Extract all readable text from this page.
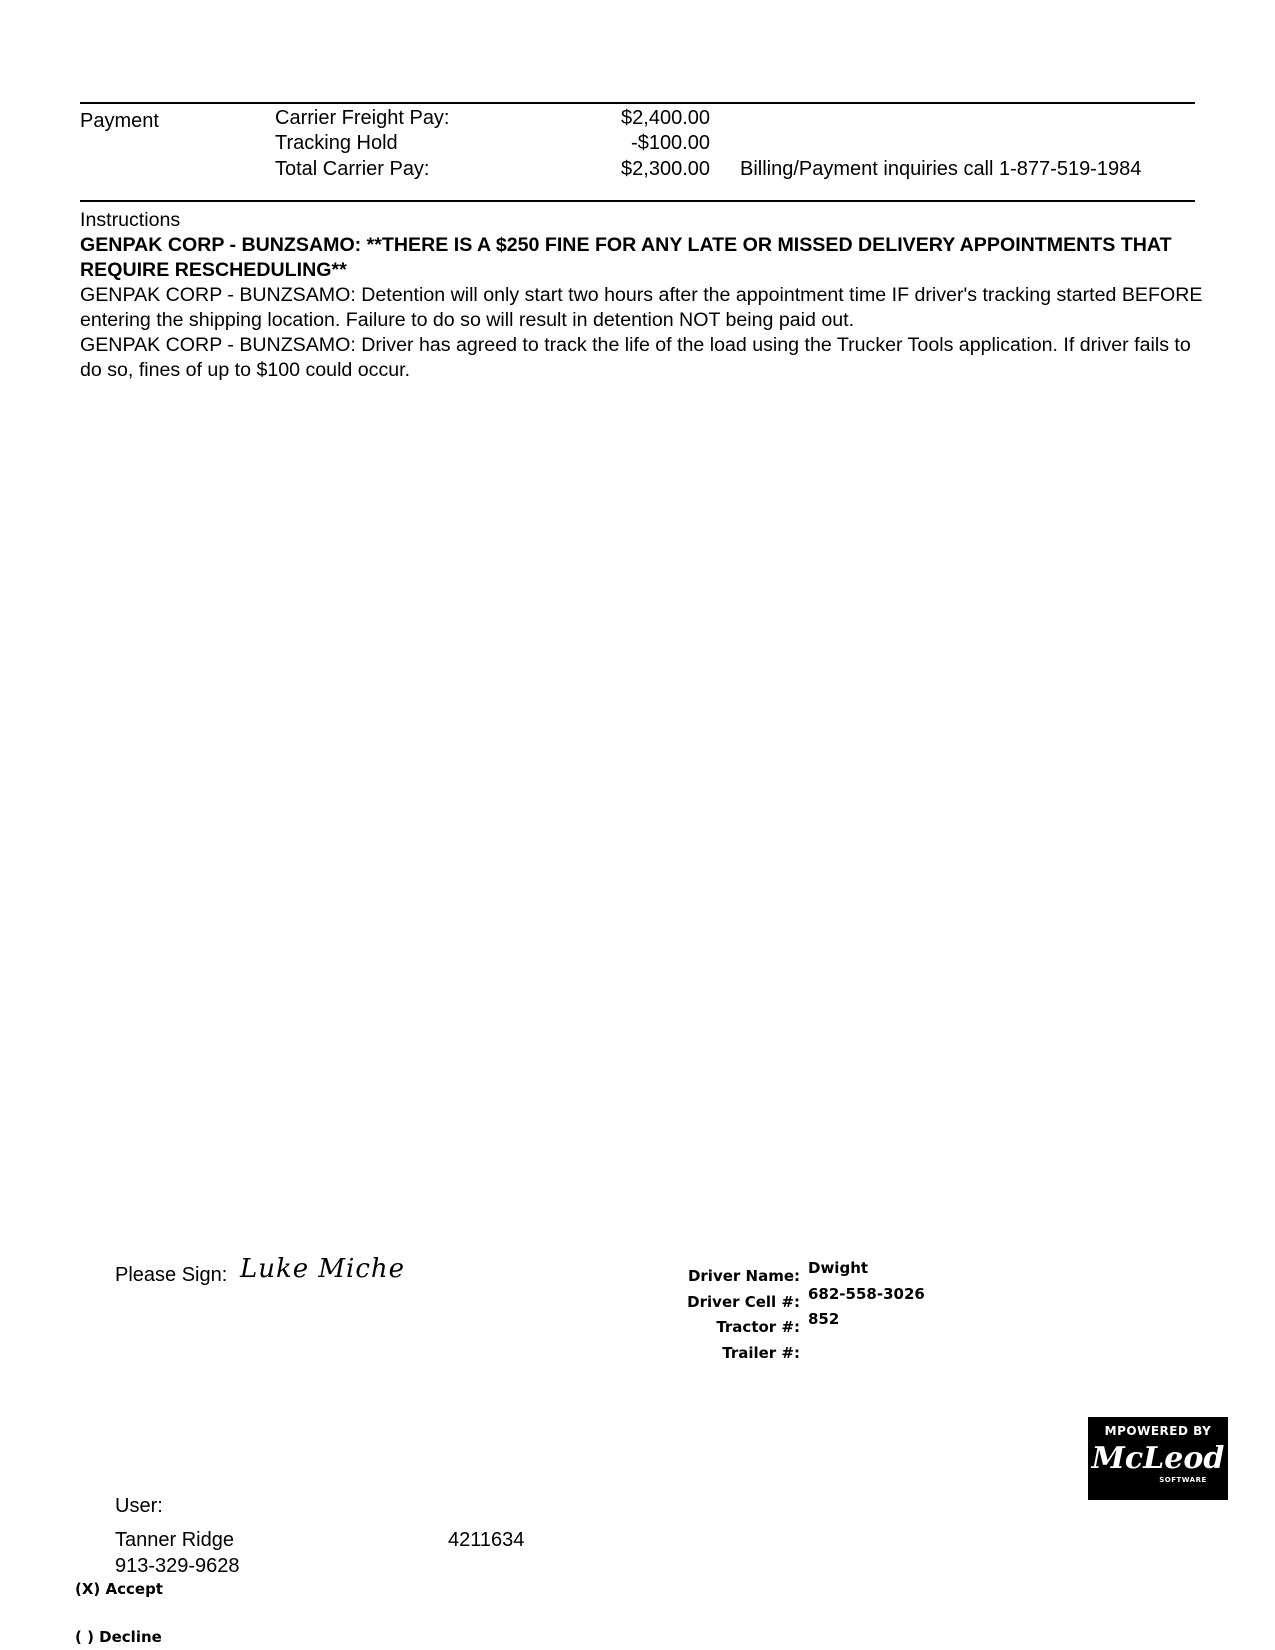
Payment	Carrier Freight Pay:	$2,400.00
Tracking Hold	-$100.00
Total Carrier Pay:	$2,300.00 Billing/Payment inquiries call 1-877-519-1984

Instructions

GENPAK CORP - BUNZSAMO: **THERE IS A $250 FINE FOR ANY LATE OR MISSED DELIVERY APPOINTMENTS THAT REQUIRE RESCHEDULING**

GENPAK CORP - BUNZSAMO: Detention will only start two hours after the appointment time IF driver's tracking started BEFORE entering the shipping location. Failure to do so will result in detention NOT being paid out.

GENPAK CORP - BUNZSAMO: Driver has agreed to track the life of the load using the Trucker Tools application. If driver fails to do so, fines of up to $100 could occur.

Please Sign: Luke Miche	Driver Name: Dwight
Driver Cell #: 682-558-3026
Tractor #: 852
Trailer #:
MPOWERED BY
McLeod
SOFTWARE
User:
Tanner Ridge	4211634
913-329-9628
(X) Accept
( ) Decline
